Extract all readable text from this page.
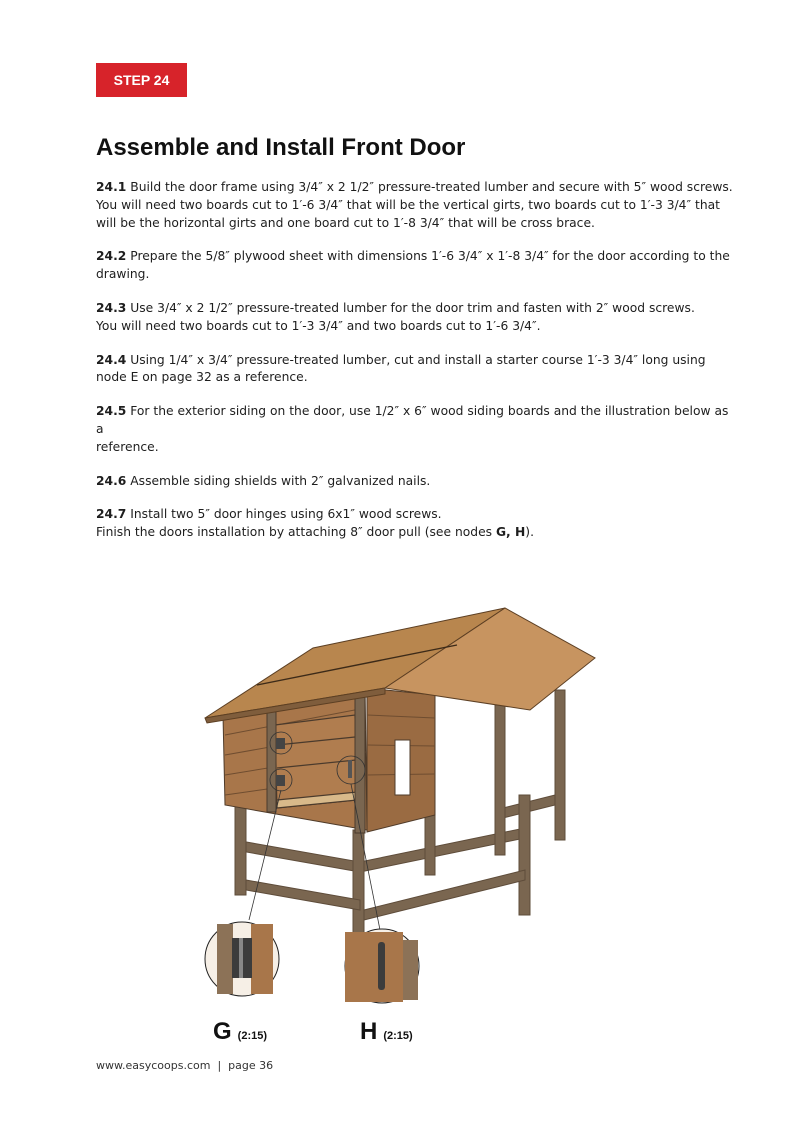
STEP 24
Assemble and Install Front Door

24.1 Build the door frame using 3/4″ x 2 1/2″ pressure-treated lumber and secure with 5″ wood screws.
You will need two boards cut to 1′-6 3/4″ that will be the vertical girts, two boards cut to 1′-3 3/4″ that
will be the horizontal girts and one board cut to 1′-8 3/4″ that will be cross brace.

24.2 Prepare the 5/8″ plywood sheet with dimensions 1′-6 3/4″ x 1′-8 3/4″ for the door according to the
drawing.

24.3 Use 3/4″ x 2 1/2″ pressure-treated lumber for the door trim and fasten with 2″ wood screws.
You will need two boards cut to 1′-3 3/4″ and two boards cut to 1′-6 3/4″.

24.4 Using 1/4″ x 3/4″ pressure-treated lumber, cut and install a starter course 1′-3 3/4″ long using
node E on page 32 as a reference.

24.5 For the exterior siding on the door, use 1/2″ x 6″ wood siding boards and the illustration below as a
reference.

24.6 Assemble siding shields with 2″ galvanized nails.

24.7 Install two 5″ door hinges using 6x1″ wood screws.
Finish the doors installation by attaching 8″ door pull (see nodes G, H).

G (2:15)	H (2:15)
www.easycoops.com | page 36
